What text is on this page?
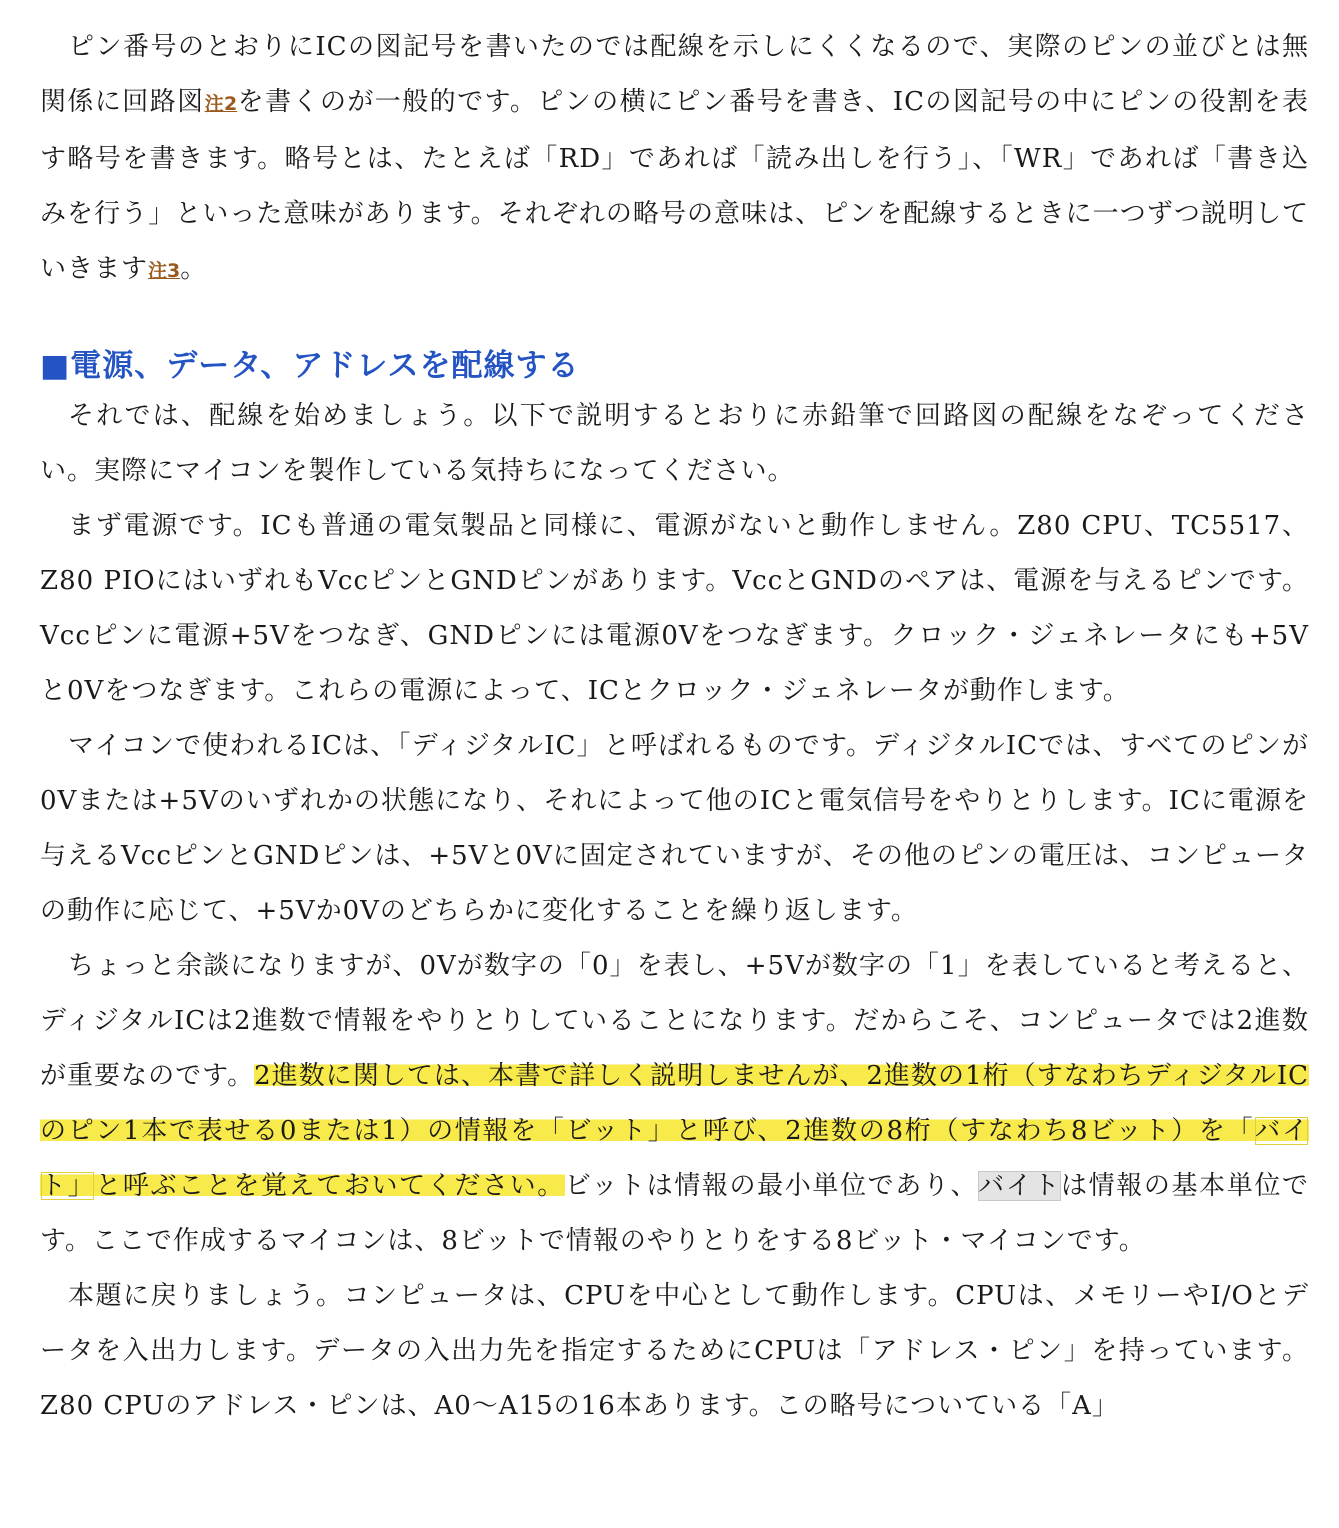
ピン番号のとおりにICの図記号を書いたのでは配線を示しにくくなるので、実際のピンの並びとは無関係に回路図注2を書くのが一般的です。ピンの横にピン番号を書き、ICの図記号の中にピンの役割を表す略号を書きます。略号とは、たとえば「RD」であれば「読み出しを行う」、「WR」であれば「書き込みを行う」といった意味があります。それぞれの略号の意味は、ピンを配線するときに一つずつ説明していきます注3。

■電源、データ、アドレスを配線する

それでは、配線を始めましょう。以下で説明するとおりに赤鉛筆で回路図の配線をなぞってください。実際にマイコンを製作している気持ちになってください。

まず電源です。ICも普通の電気製品と同様に、電源がないと動作しません。Z80 CPU、TC5517、Z80 PIOにはいずれもVccピンとGNDピンがあります。VccとGNDのペアは、電源を与えるピンです。Vccピンに電源+5Vをつなぎ、GNDピンには電源0Vをつなぎます。クロック・ジェネレータにも+5Vと0Vをつなぎます。これらの電源によって、ICとクロック・ジェネレータが動作します。

マイコンで使われるICは、「ディジタルIC」と呼ばれるものです。ディジタルICでは、すべてのピンが0Vまたは+5Vのいずれかの状態になり、それによって他のICと電気信号をやりとりします。ICに電源を与えるVccピンとGNDピンは、+5Vと0Vに固定されていますが、その他のピンの電圧は、コンピュータの動作に応じて、+5Vか0Vのどちらかに変化することを繰り返します。

ちょっと余談になりますが、0Vが数字の「0」を表し、+5Vが数字の「1」を表していると考えると、ディジタルICは2進数で情報をやりとりしていることになります。だからこそ、コンピュータでは2進数が重要なのです。2進数に関しては、本書で詳しく説明しませんが、2進数の1桁（すなわちディジタルICのピン1本で表せる0または1）の情報を「ビット」と呼び、2進数の8桁（すなわち8ビット）を「バイト」と呼ぶことを覚えておいてください。ビットは情報の最小単位であり、バイトは情報の基本単位です。ここで作成するマイコンは、8ビットで情報のやりとりをする8ビット・マイコンです。

本題に戻りましょう。コンピュータは、CPUを中心として動作します。CPUは、メモリーやI/Oとデータを入出力します。データの入出力先を指定するためにCPUは「アドレス・ピン」を持っています。Z80 CPUのアドレス・ピンは、A0～A15の16本あります。この略号についている「A」
